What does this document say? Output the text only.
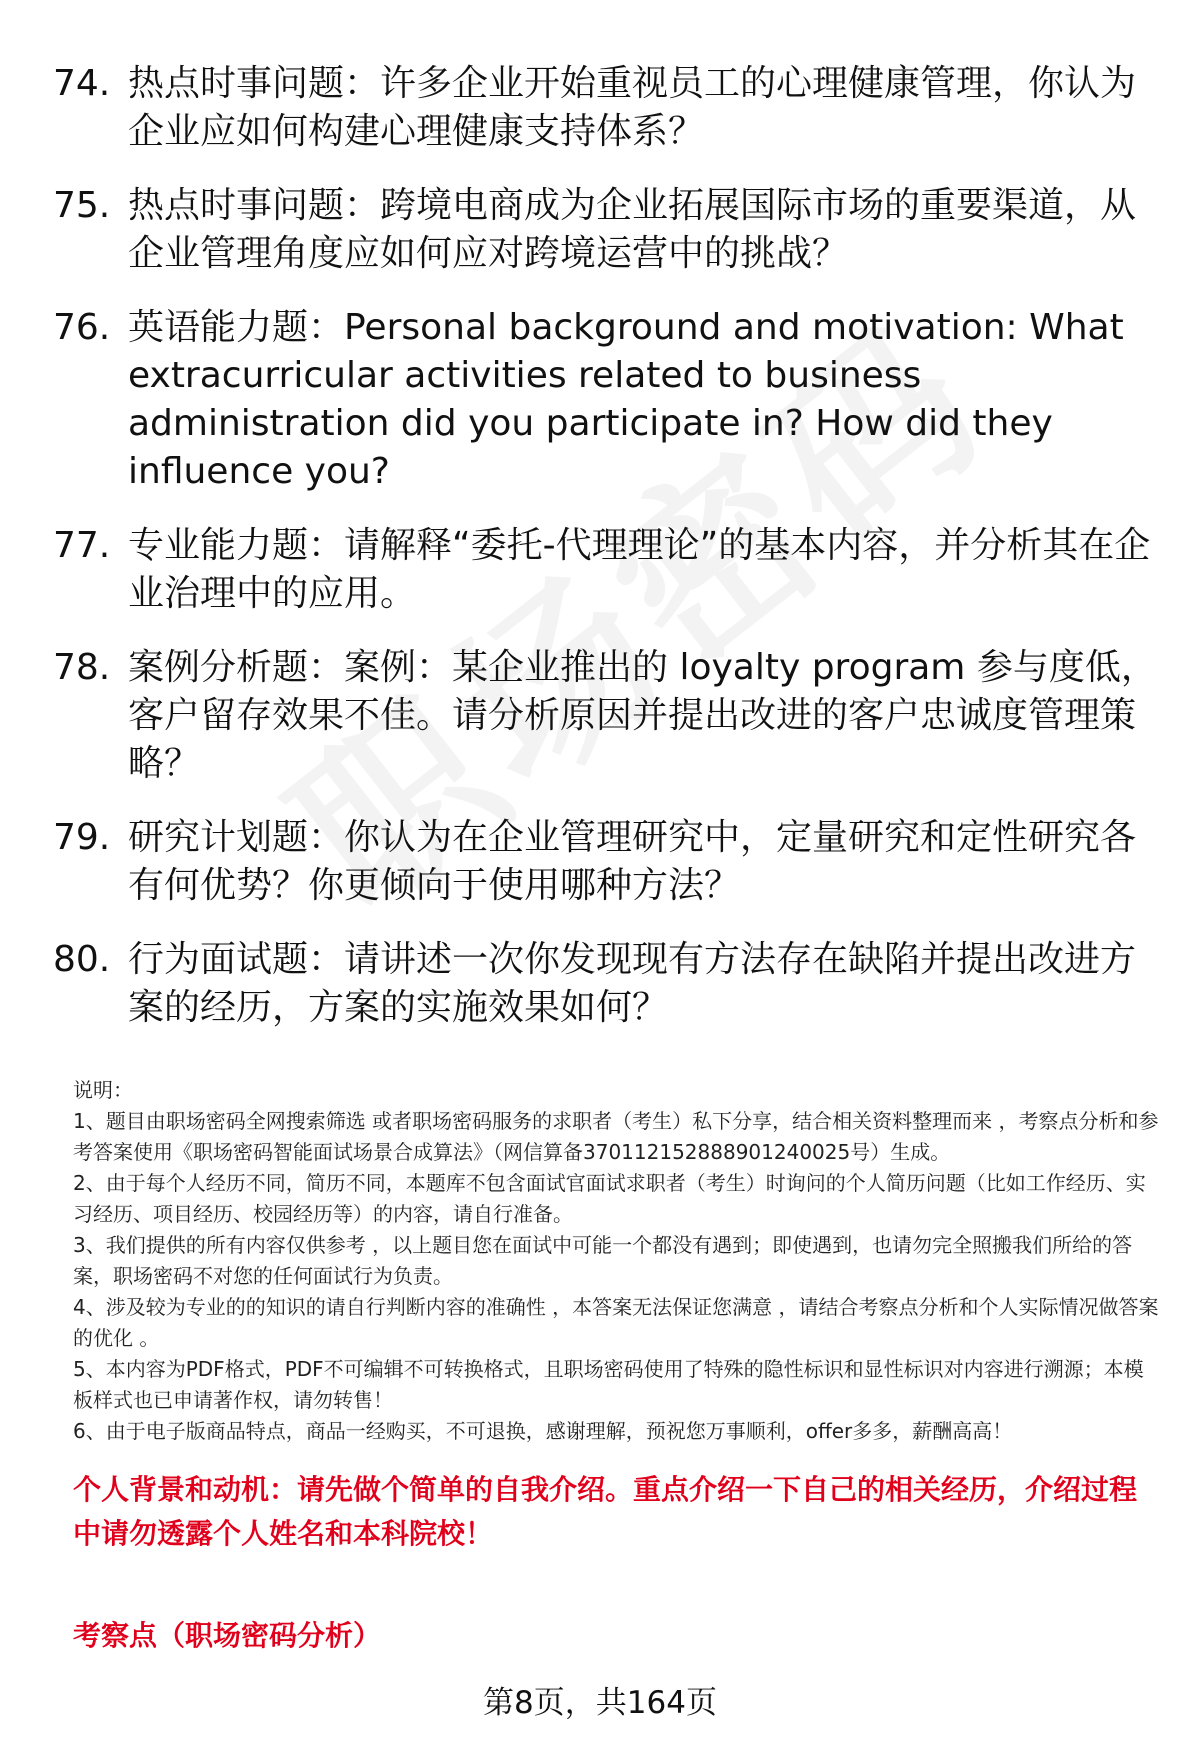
74. 热点时事问题：许多企业开始重视员工的心理健康管理，你认为企业应如何构建心理健康支持体系？
75. 热点时事问题：跨境电商成为企业拓展国际市场的重要渠道，从企业管理角度应如何应对跨境运营中的挑战？
76. 英语能力题：Personal background and motivation: What extracurricular activities related to business administration did you participate in? How did they influence you?
77. 专业能力题：请解释“委托-代理理论”的基本内容，并分析其在企业治理中的应用。
78. 案例分析题：案例：某企业推出的 loyalty program 参与度低，客户留存效果不佳。请分析原因并提出改进的客户忠诚度管理策略？
79. 研究计划题：你认为在企业管理研究中，定量研究和定性研究各有何优势？你更倾向于使用哪种方法？
80. 行为面试题：请讲述一次你发现现有方法存在缺陷并提出改进方案的经历，方案的实施效果如何？

说明：

1、题目由职场密码全网搜索筛选 或者职场密码服务的求职者（考生）私下分享，结合相关资料整理而来 ，考察点分析和参考答案使用《职场密码智能面试场景合成算法》（网信算备370112152888901240025号）生成。

2、由于每个人经历不同，简历不同，本题库不包含面试官面试求职者（考生）时询问的个人简历问题（比如工作经历、实习经历、项目经历、校园经历等）的内容，请自行准备。

3、我们提供的所有内容仅供参考 ，以上题目您在面试中可能一个都没有遇到；即使遇到，也请勿完全照搬我们所给的答案，职场密码不对您的任何面试行为负责。

4、涉及较为专业的的知识的请自行判断内容的准确性 ，本答案无法保证您满意 ，请结合考察点分析和个人实际情况做答案的优化 。

5、本内容为PDF格式，PDF不可编辑不可转换格式，且职场密码使用了特殊的隐性标识和显性标识对内容进行溯源；本模板样式也已申请著作权，请勿转售！

6、由于电子版商品特点，商品一经购买，不可退换，感谢理解，预祝您万事顺利，offer多多，薪酬高高！

个人背景和动机：请先做个简单的自我介绍。重点介绍一下自己的相关经历，介绍过程中请勿透露个人姓名和本科院校！
考察点（职场密码分析）
第8页，共164页
